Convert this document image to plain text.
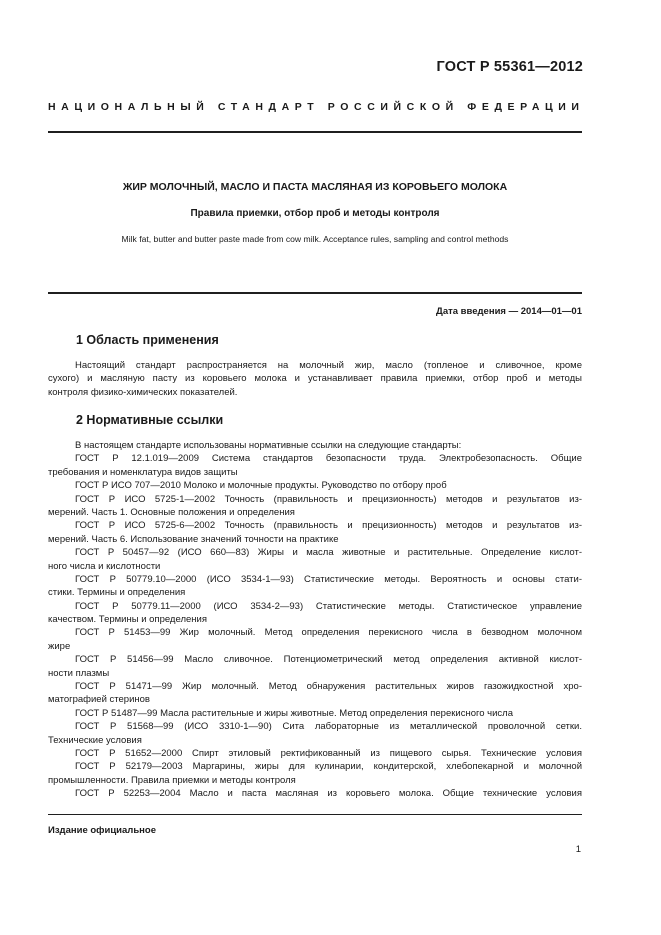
ГОСТ Р 55361—2012
НАЦИОНАЛЬНЫЙ СТАНДАРТ РОССИЙСКОЙ ФЕДЕРАЦИИ
ЖИР МОЛОЧНЫЙ, МАСЛО И ПАСТА МАСЛЯНАЯ ИЗ КОРОВЬЕГО МОЛОКА
Правила приемки, отбор проб и методы контроля
Milk fat, butter and butter paste made from cow milk. Acceptance rules, sampling and control methods
Дата введения — 2014—01—01
1 Область применения
Настоящий стандарт распространяется на молочный жир, масло (топленое и сливочное, кроме
сухого) и масляную пасту из коровьего молока и устанавливает правила приемки, отбор проб и методы
контроля физико-химических показателей.
2 Нормативные ссылки
В настоящем стандарте использованы нормативные ссылки на следующие стандарты:
ГОСТ Р 12.1.019—2009 Система стандартов безопасности труда. Электробезопасность. Общие
требования и номенклатура видов защиты
ГОСТ Р ИСО 707—2010 Молоко и молочные продукты. Руководство по отбору проб
ГОСТ Р ИСО 5725-1—2002 Точность (правильность и прецизионность) методов и результатов из-
мерений. Часть 1. Основные положения и определения
ГОСТ Р ИСО 5725-6—2002 Точность (правильность и прецизионность) методов и результатов из-
мерений. Часть 6. Использование значений точности на практике
ГОСТ Р 50457—92 (ИСО 660—83) Жиры и масла животные и растительные. Определение кислот-
ного числа и кислотности
ГОСТ Р 50779.10—2000 (ИСО 3534-1—93) Статистические методы. Вероятность и основы стати-
стики. Термины и определения
ГОСТ Р 50779.11—2000 (ИСО 3534-2—93) Статистические методы. Статистическое управление
качеством. Термины и определения
ГОСТ Р 51453—99 Жир молочный. Метод определения перекисного числа в безводном молочном
жире
ГОСТ Р 51456—99 Масло сливочное. Потенциометрический метод определения активной кислот-
ности плазмы
ГОСТ Р 51471—99 Жир молочный. Метод обнаружения растительных жиров газожидкостной хро-
матографией стеринов
ГОСТ Р 51487—99 Масла растительные и жиры животные. Метод определения перекисного числа
ГОСТ Р 51568—99 (ИСО 3310-1—90) Сита лабораторные из металлической проволочной сетки.
Технические условия
ГОСТ Р 51652—2000 Спирт этиловый ректификованный из пищевого сырья. Технические условия
ГОСТ Р 52179—2003 Маргарины, жиры для кулинарии, кондитерской, хлебопекарной и молочной
промышленности. Правила приемки и методы контроля
ГОСТ Р 52253—2004 Масло и паста масляная из коровьего молока. Общие технические условия
Издание официальное
1
